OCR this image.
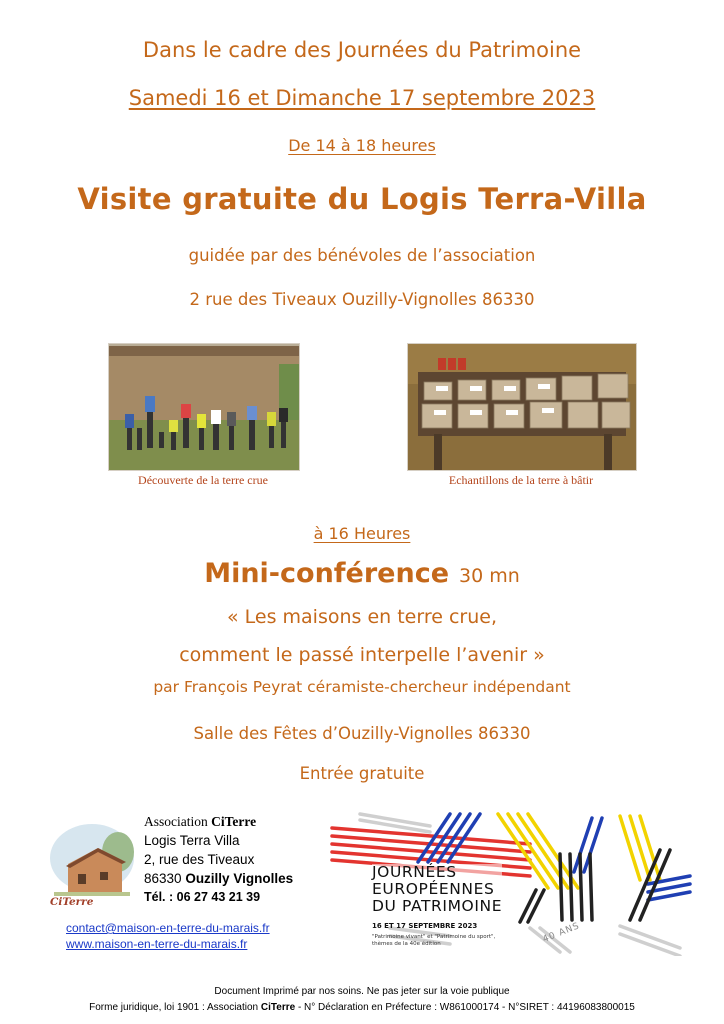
Dans le cadre des Journées du Patrimoine
Samedi 16 et Dimanche 17 septembre 2023
De 14 à 18 heures
Visite gratuite du Logis Terra-Villa
guidée par des bénévoles de l’association
2 rue des Tiveaux Ouzilly-Vignolles 86330
Découverte de la terre crue	Echantillons de la terre à bâtir
à 16 Heures
Mini-conférence 30 mn
« Les maisons en terre crue,
comment le passé interpelle l’avenir »
par François Peyrat céramiste-chercheur indépendant
Salle des Fêtes d’Ouzilly-Vignolles 86330
Entrée gratuite
CiTerre
Association CiTerre
Logis Terra Villa
2, rue des Tiveaux
86330 Ouzilly Vignolles
Tél. : 06 27 43 21 39
contact@maison-en-terre-du-marais.fr
www.maison-en-terre-du-marais.fr
JOURNÉES
EUROPÉENNES
DU PATRIMOINE
16 ET 17 SEPTEMBRE 2023
"Patrimoine vivant" et "Patrimoine du sport",
thèmes de la 40e édition	40 ANS
Document Imprimé par nos soins. Ne pas jeter sur la voie publique
Forme juridique, loi 1901 : Association CiTerre - N° Déclaration en Préfecture : W861000174 - N°SIRET : 44196083800015
